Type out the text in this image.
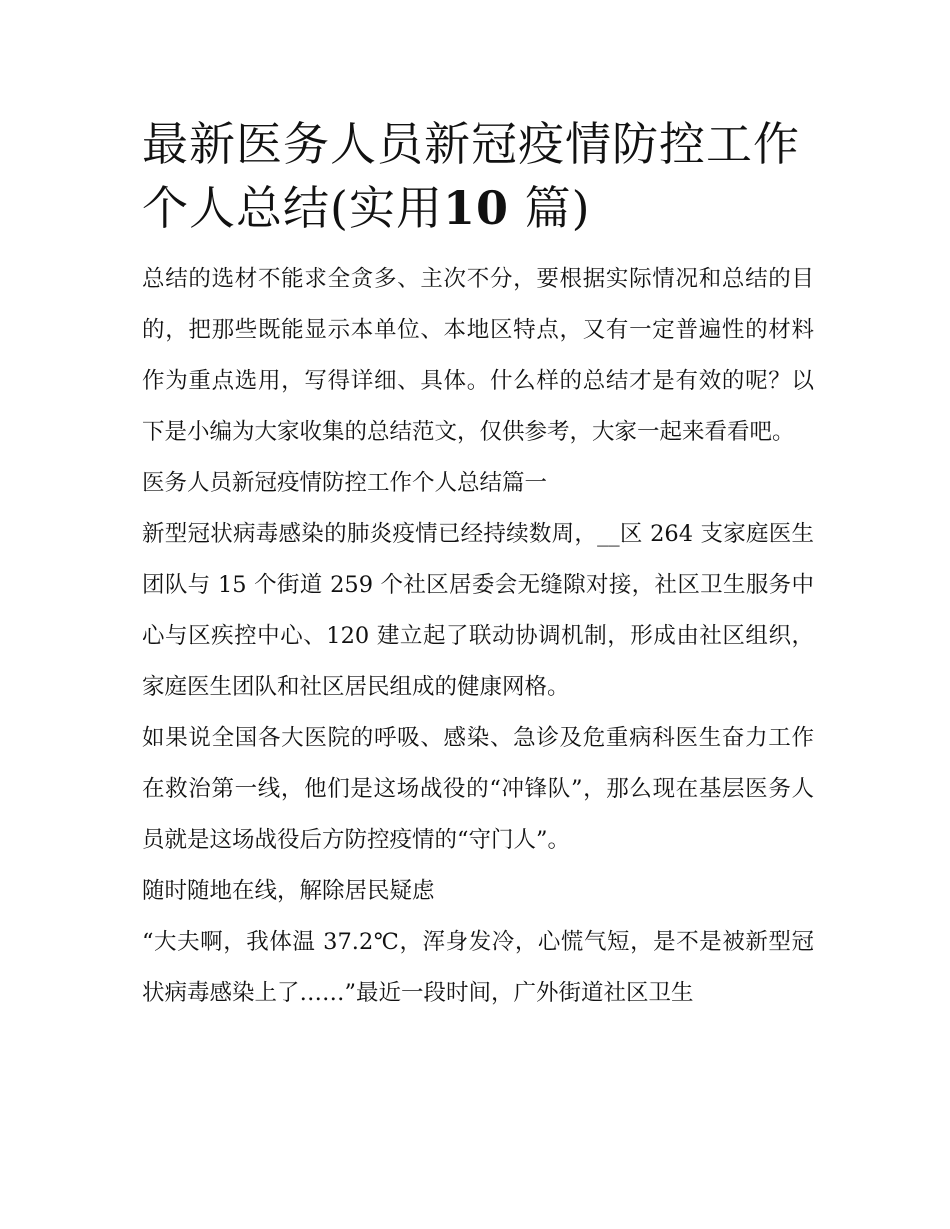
最新医务人员新冠疫情防控工作个人总结(实用10 篇)

总结的选材不能求全贪多、主次不分，要根据实际情况和总结的目的，把那些既能显示本单位、本地区特点，又有一定普遍性的材料作为重点选用，写得详细、具体。什么样的总结才是有效的呢？以下是小编为大家收集的总结范文，仅供参考，大家一起来看看吧。

医务人员新冠疫情防控工作个人总结篇一

新型冠状病毒感染的肺炎疫情已经持续数周，__区 264 支家庭医生团队与 15 个街道 259 个社区居委会无缝隙对接，社区卫生服务中心与区疾控中心、120 建立起了联动协调机制，形成由社区组织，家庭医生团队和社区居民组成的健康网格。

如果说全国各大医院的呼吸、感染、急诊及危重病科医生奋力工作在救治第一线，他们是这场战役的“冲锋队”，那么现在基层医务人员就是这场战役后方防控疫情的“守门人”。

随时随地在线，解除居民疑虑

“大夫啊，我体温 37.2℃，浑身发冷，心慌气短，是不是被新型冠状病毒感染上了……”最近一段时间，广外街道社区卫生
